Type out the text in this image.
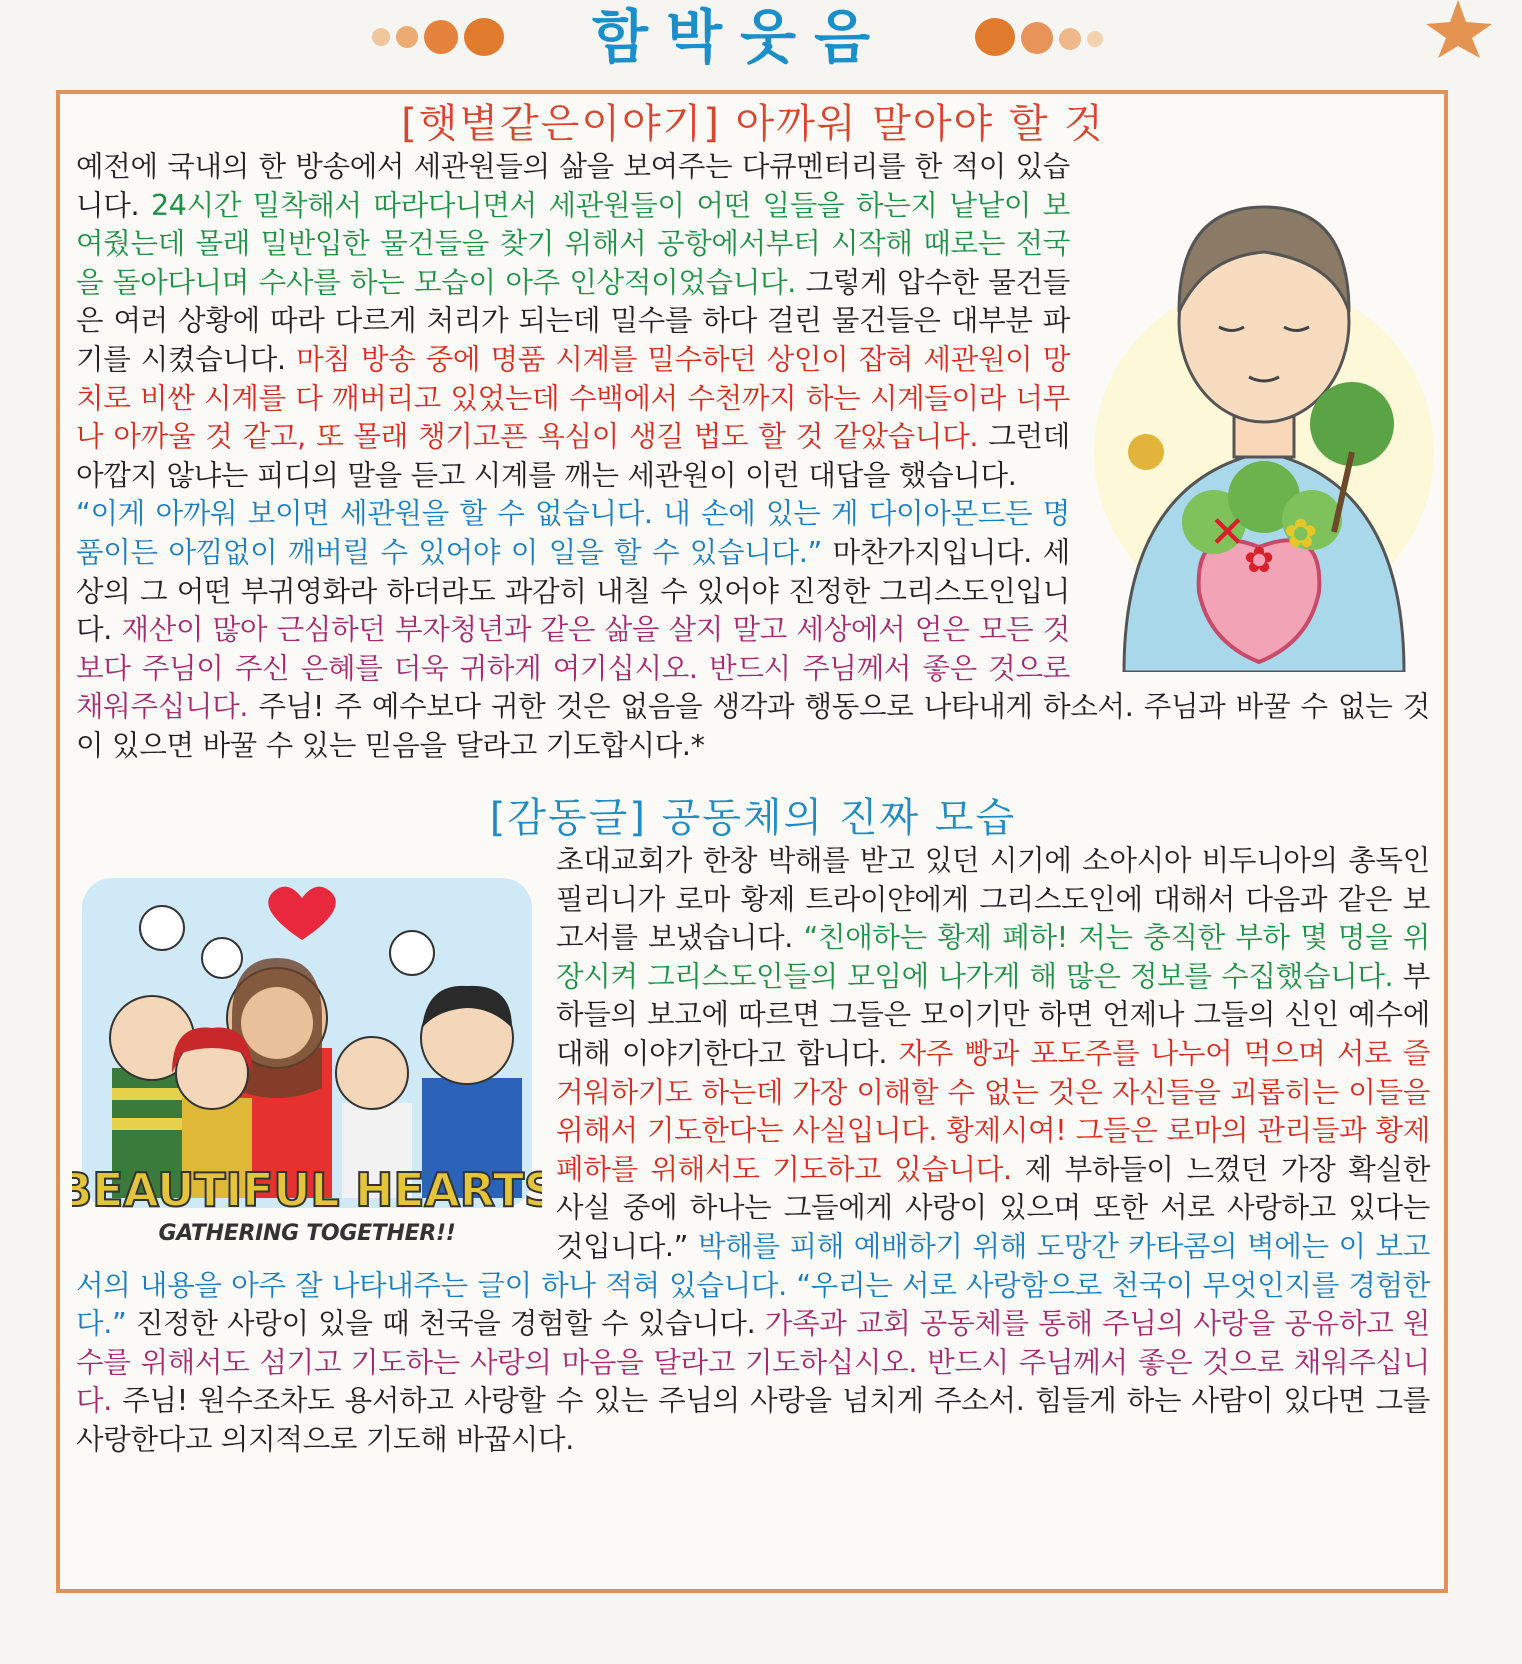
함박웃음
[햇볕같은이야기] 아까워 말아야 할 것
✕ ✿
✿
예전에 국내의 한 방송에서 세관원들의 삶을 보여주는 다큐멘터리를 한 적이 있습니다. 24시간 밀착해서 따라다니면서 세관원들이 어떤 일들을 하는지 낱낱이 보여줬는데 몰래 밀반입한 물건들을 찾기 위해서 공항에서부터 시작해 때로는 전국을 돌아다니며 수사를 하는 모습이 아주 인상적이었습니다. 그렇게 압수한 물건들은 여러 상황에 따라 다르게 처리가 되는데 밀수를 하다 걸린 물건들은 대부분 파기를 시켰습니다. 마침 방송 중에 명품 시계를 밀수하던 상인이 잡혀 세관원이 망치로 비싼 시계를 다 깨버리고 있었는데 수백에서 수천까지 하는 시계들이라 너무나 아까울 것 같고, 또 몰래 챙기고픈 욕심이 생길 법도 할 것 같았습니다. 그런데 아깝지 않냐는 피디의 말을 듣고 시계를 깨는 세관원이 이런 대답을 했습니다.
“이게 아까워 보이면 세관원을 할 수 없습니다. 내 손에 있는 게 다이아몬드든 명품이든 아낌없이 깨버릴 수 있어야 이 일을 할 수 있습니다.” 마찬가지입니다. 세상의 그 어떤 부귀영화라 하더라도 과감히 내칠 수 있어야 진정한 그리스도인입니다. 재산이 많아 근심하던 부자청년과 같은 삶을 살지 말고 세상에서 얻은 모든 것보다 주님이 주신 은혜를 더욱 귀하게 여기십시오. 반드시 주님께서 좋은 것으로 채워주십니다. 주님! 주 예수보다 귀한 것은 없음을 생각과 행동으로 나타내게 하소서. 주님과 바꿀 수 없는 것이 있으면 바꿀 수 있는 믿음을 달라고 기도합시다.*
[감동글] 공동체의 진짜 모습
BEAUTIFUL HEARTS
GATHERING TOGETHER!!
초대교회가 한창 박해를 받고 있던 시기에 소아시아 비두니아의 총독인 필리니가 로마 황제 트라이얀에게 그리스도인에 대해서 다음과 같은 보고서를 보냈습니다. “친애하는 황제 폐하! 저는 충직한 부하 몇 명을 위장시켜 그리스도인들의 모임에 나가게 해 많은 정보를 수집했습니다. 부하들의 보고에 따르면 그들은 모이기만 하면 언제나 그들의 신인 예수에 대해 이야기한다고 합니다. 자주 빵과 포도주를 나누어 먹으며 서로 즐거워하기도 하는데 가장 이해할 수 없는 것은 자신들을 괴롭히는 이들을 위해서 기도한다는 사실입니다. 황제시여! 그들은 로마의 관리들과 황제 폐하를 위해서도 기도하고 있습니다. 제 부하들이 느꼈던 가장 확실한 사실 중에 하나는 그들에게 사랑이 있으며 또한 서로 사랑하고 있다는 것입니다.” 박해를 피해 예배하기 위해 도망간 카타콤의 벽에는 이 보고서의 내용을 아주 잘 나타내주는 글이 하나 적혀 있습니다. “우리는 서로 사랑함으로 천국이 무엇인지를 경험한다.” 진정한 사랑이 있을 때 천국을 경험할 수 있습니다. 가족과 교회 공동체를 통해 주님의 사랑을 공유하고 원수를 위해서도 섬기고 기도하는 사랑의 마음을 달라고 기도하십시오. 반드시 주님께서 좋은 것으로 채워주십니다. 주님! 원수조차도 용서하고 사랑할 수 있는 주님의 사랑을 넘치게 주소서. 힘들게 하는 사람이 있다면 그를 사랑한다고 의지적으로 기도해 바꿉시다.
